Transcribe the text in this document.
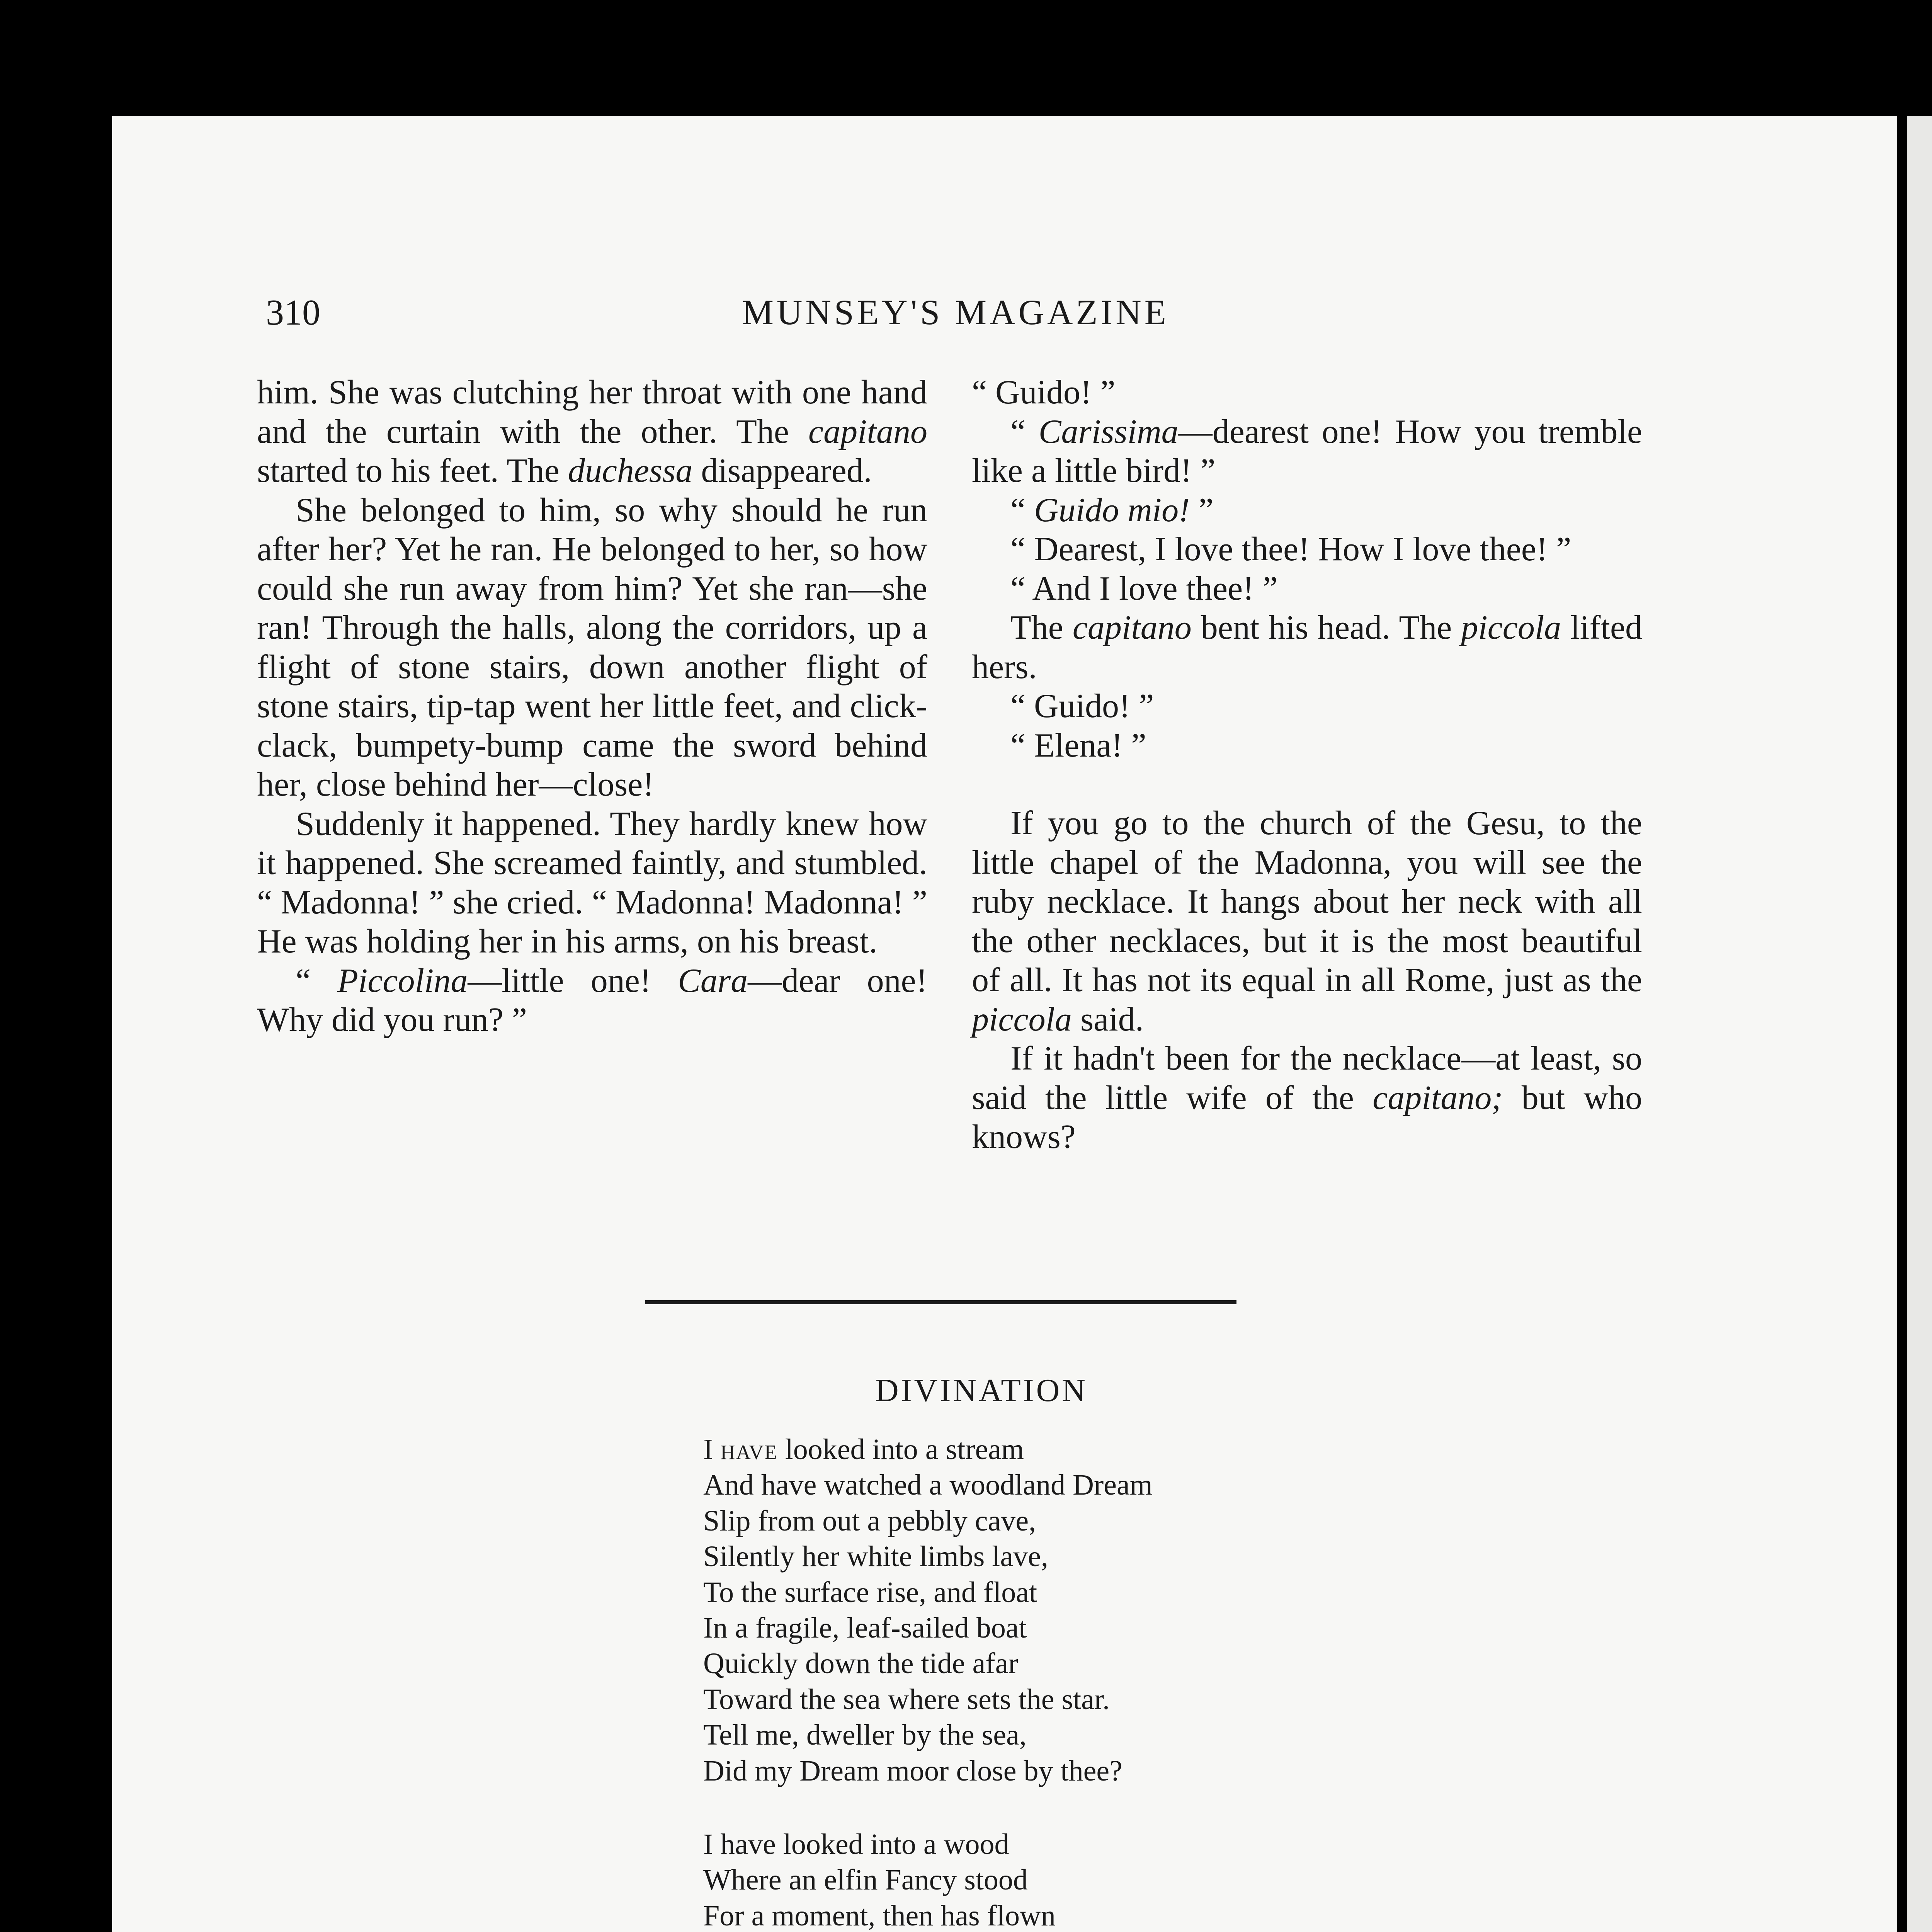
310	MUNSEY'S MAGAZINE

him. She was clutching her throat with one hand and the curtain with the other. The capitano started to his feet. The duchessa disappeared.

She belonged to him, so why should he run after her? Yet he ran. He belonged to her, so how could she run away from him? Yet she ran—she ran! Through the halls, along the corridors, up a flight of stone stairs, down another flight of stone stairs, tip-tap went her little feet, and click-clack, bumpety-bump came the sword behind her, close behind her—close!

Suddenly it happened. They hardly knew how it happened. She screamed faintly, and stumbled. “ Madonna! ” she cried. “ Madonna! Madonna! ” He was holding her in his arms, on his breast.

“ Piccolina—little one! Cara—dear one! Why did you run? ”

“ Guido! ”

“ Carissima—dearest one! How you tremble like a little bird! ”

“ Guido mio! ”

“ Dearest, I love thee! How I love thee! ”

“ And I love thee! ”

The capitano bent his head. The piccola lifted hers.

“ Guido! ”

“ Elena! ”

If you go to the church of the Gesu, to the little chapel of the Madonna, you will see the ruby necklace. It hangs about her neck with all the other necklaces, but it is the most beautiful of all. It has not its equal in all Rome, just as the piccola said.

If it hadn't been for the necklace—at least, so said the little wife of the capitano; but who knows?

DIVINATION
I have looked into a stream
And have watched a woodland Dream
Slip from out a pebbly cave,
Silently her white limbs lave,
To the surface rise, and float
In a fragile, leaf-sailed boat
Quickly down the tide afar
Toward the sea where sets the star.
Tell me, dweller by the sea,
Did my Dream moor close by thee?
I have looked into a wood
Where an elfin Fancy stood
For a moment, then has flown
